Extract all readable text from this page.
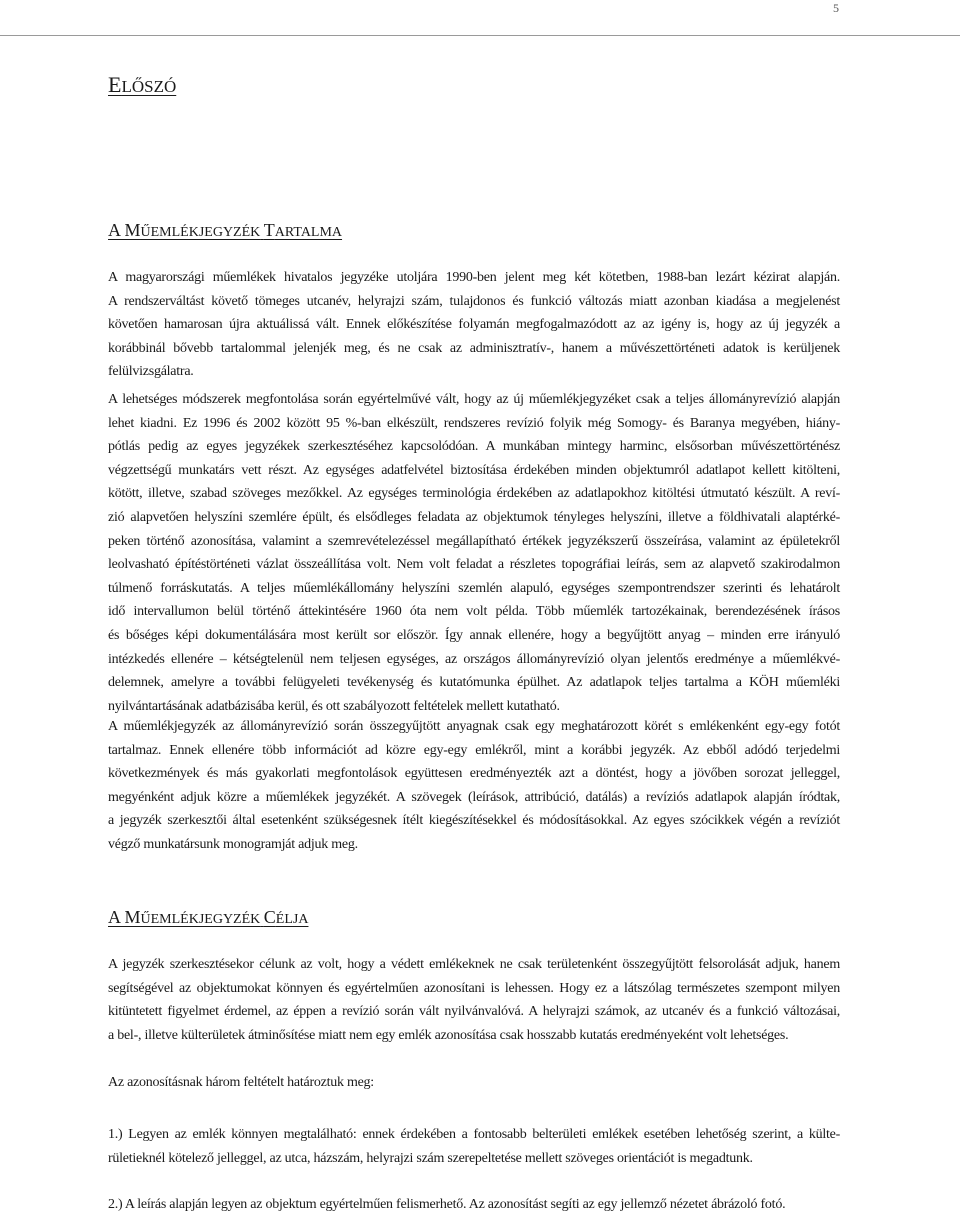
5
ELŐSZÓ
A MŰEMLÉKJEGYZÉK TARTALMA
A magyarországi műemlékek hivatalos jegyzéke utoljára 1990-ben jelent meg két kötetben, 1988-ban lezárt kézirat alapján.
A rendszerváltást követő tömeges utcanév, helyrajzi szám, tulajdonos és funkció változás miatt azonban kiadása a megjelenést
követően hamarosan újra aktuálissá vált. Ennek előkészítése folyamán megfogalmazódott az az igény is, hogy az új jegyzék a
korábbinál bővebb tartalommal jelenjék meg, és ne csak az adminisztratív-, hanem a művészettörténeti adatok is kerüljenek
felülvizsgálatra.
A lehetséges módszerek megfontolása során egyértelművé vált, hogy az új műemlékjegyzéket csak a teljes állományrevízió alapján
lehet kiadni. Ez 1996 és 2002 között 95 %-ban elkészült, rendszeres revízió folyik még Somogy- és Baranya megyében, hiány-
pótlás pedig az egyes jegyzékek szerkesztéséhez kapcsolódóan. A munkában mintegy harminc, elsősorban művészettörténész
végzettségű munkatárs vett részt. Az egységes adatfelvétel biztosítása érdekében minden objektumról adatlapot kellett kitölteni,
kötött, illetve, szabad szöveges mezőkkel. Az egységes terminológia érdekében az adatlapokhoz kitöltési útmutató készült. A reví-
zió alapvetően helyszíni szemlére épült, és elsődleges feladata az objektumok tényleges helyszíni, illetve a földhivatali alaptérké-
peken történő azonosítása, valamint a szemrevételezéssel megállapítható értékek jegyzékszerű összeírása, valamint az épületekről
leolvasható építéstörténeti vázlat összeállítása volt. Nem volt feladat a részletes topográfiai leírás, sem az alapvető szakirodalmon
túlmenő forráskutatás. A teljes műemlékállomány helyszíni szemlén alapuló, egységes szempontrendszer szerinti és lehatárolt
idő intervallumon belül történő áttekintésére 1960 óta nem volt példa. Több műemlék tartozékainak, berendezésének írásos
és bőséges képi dokumentálására most került sor először. Így annak ellenére, hogy a begyűjtött anyag – minden erre irányuló
intézkedés ellenére – kétségtelenül nem teljesen egységes, az országos állományrevízió olyan jelentős eredménye a műemlékvé-
delemnek, amelyre a további felügyeleti tevékenység és kutatómunka épülhet. Az adatlapok teljes tartalma a KÖH műemléki
nyilvántartásának adatbázisába kerül, és ott szabályozott feltételek mellett kutatható.
A műemlékjegyzék az állományrevízió során összegyűjtött anyagnak csak egy meghatározott körét s emlékenként egy-egy fotót
tartalmaz. Ennek ellenére több információt ad közre egy-egy emlékről, mint a korábbi jegyzék. Az ebből adódó terjedelmi
következmények és más gyakorlati megfontolások együttesen eredményezték azt a döntést, hogy a jövőben sorozat jelleggel,
megyénként adjuk közre a műemlékek jegyzékét. A szövegek (leírások, attribúció, datálás) a revíziós adatlapok alapján íródtak,
a jegyzék szerkesztői által esetenként szükségesnek ítélt kiegészítésekkel és módosításokkal. Az egyes szócikkek végén a revíziót
végző munkatársunk monogramját adjuk meg.
A MŰEMLÉKJEGYZÉK CÉLJA
A jegyzék szerkesztésekor célunk az volt, hogy a védett emlékeknek ne csak területenként összegyűjtött felsorolását adjuk, hanem
segítségével az objektumokat könnyen és egyértelműen azonosítani is lehessen. Hogy ez a látszólag természetes szempont milyen
kitüntetett figyelmet érdemel, az éppen a revízió során vált nyilvánvalóvá. A helyrajzi számok, az utcanév és a funkció változásai,
a bel-, illetve külterületek átminősítése miatt nem egy emlék azonosítása csak hosszabb kutatás eredményeként volt lehetséges.
Az azonosításnak három feltételt határoztuk meg:
1.) Legyen az emlék könnyen megtalálható: ennek érdekében a fontosabb belterületi emlékek esetében lehetőség szerint, a külte-
rületieknél kötelező jelleggel, az utca, házszám, helyrajzi szám szerepeltetése mellett szöveges orientációt is megadtunk.
2.) A leírás alapján legyen az objektum egyértelműen felismerhető. Az azonosítást segíti az egy jellemző nézetet ábrázoló fotó.
